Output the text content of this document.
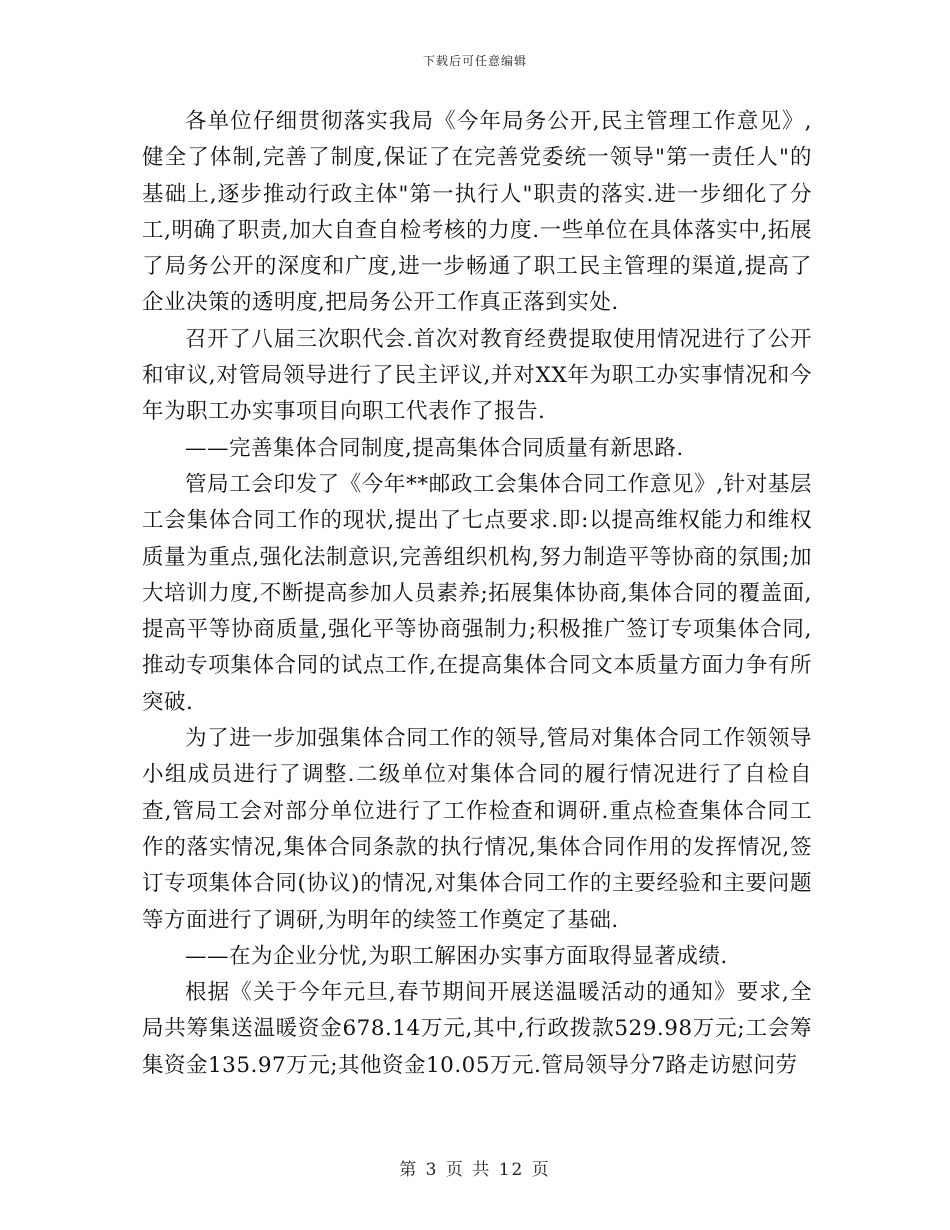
下载后可任意编辑

各单位仔细贯彻落实我局《今年局务公开,民主管理工作意见》,健全了体制,完善了制度,保证了在完善党委统一领导"第一责任人"的基础上,逐步推动行政主体"第一执行人"职责的落实.进一步细化了分工,明确了职责,加大自查自检考核的力度.一些单位在具体落实中,拓展了局务公开的深度和广度,进一步畅通了职工民主管理的渠道,提高了企业决策的透明度,把局务公开工作真正落到实处.

召开了八届三次职代会.首次对教育经费提取使用情况进行了公开和审议,对管局领导进行了民主评议,并对XX年为职工办实事情况和今年为职工办实事项目向职工代表作了报告.

——完善集体合同制度,提高集体合同质量有新思路.

管局工会印发了《今年**邮政工会集体合同工作意见》,针对基层工会集体合同工作的现状,提出了七点要求.即:以提高维权能力和维权质量为重点,强化法制意识,完善组织机构,努力制造平等协商的氛围;加大培训力度,不断提高参加人员素养;拓展集体协商,集体合同的覆盖面,提高平等协商质量,强化平等协商强制力;积极推广签订专项集体合同,推动专项集体合同的试点工作,在提高集体合同文本质量方面力争有所突破.

为了进一步加强集体合同工作的领导,管局对集体合同工作领领导小组成员进行了调整.二级单位对集体合同的履行情况进行了自检自查,管局工会对部分单位进行了工作检查和调研.重点检查集体合同工作的落实情况,集体合同条款的执行情况,集体合同作用的发挥情况,签订专项集体合同(协议)的情况,对集体合同工作的主要经验和主要问题等方面进行了调研,为明年的续签工作奠定了基础.

——在为企业分忧,为职工解困办实事方面取得显著成绩.

根据《关于今年元旦,春节期间开展送温暖活动的通知》要求,全局共筹集送温暖资金678.14万元,其中,行政拨款529.98万元;工会筹集资金135.97万元;其他资金10.05万元.管局领导分7路走访慰问劳

第 3 页 共 12 页
